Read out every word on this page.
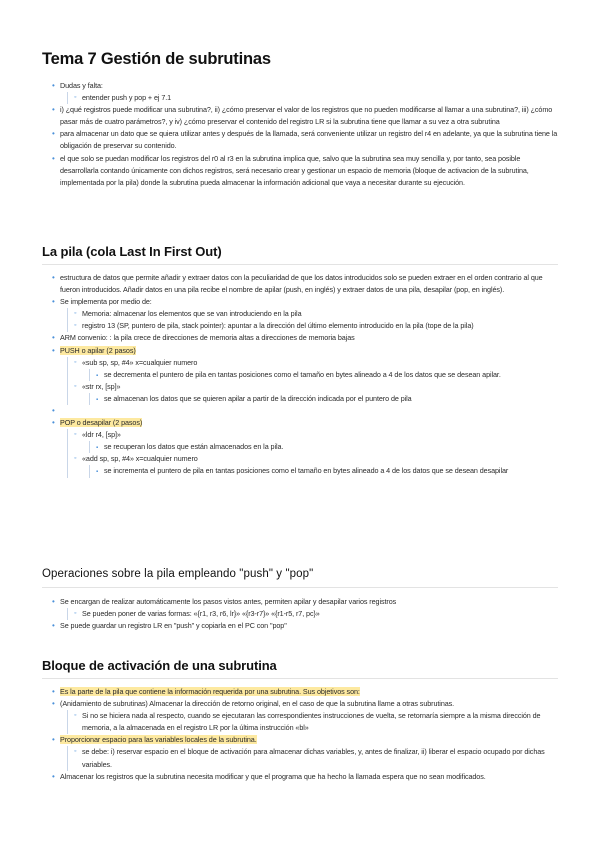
Tema 7 Gestión de subrutinas
• Dudas y falta:
◦ entender push y pop + ej 7.1
• i) ¿qué registros puede modificar una subrutina?, ii) ¿cómo preservar el valor de los registros que no pueden modificarse al llamar a una subrutina?, iii) ¿cómo pasar más de cuatro parámetros?, y iv) ¿cómo preservar el contenido del registro LR si la subrutina tiene que llamar a su vez a otra subrutina
• para almacenar un dato que se quiera utilizar antes y después de la llamada, será conveniente utilizar un registro del r4 en adelante, ya que la subrutina tiene la obligación de preservar su contenido.
• el que solo se puedan modificar los registros del r0 al r3 en la subrutina implica que, salvo que la subrutina sea muy sencilla y, por tanto, sea posible desarrollarla contando únicamente con dichos registros, será necesario crear y gestionar un espacio de memoria (bloque de activacion de la subrutina, implementada por la pila) donde la subrutina pueda almacenar la información adicional que vaya a necesitar durante su ejecución.
La pila (cola Last In First Out)
• estructura de datos que permite añadir y extraer datos con la peculiaridad de que los datos introducidos solo se pueden extraer en el orden contrario al que fueron introducidos. Añadir datos en una pila recibe el nombre de apilar (push, en inglés) y extraer datos de una pila, desapilar (pop, en inglés).
• Se implementa por medio de:
◦ Memoria: almacenar los elementos que se van introduciendo en la pila
◦ registro 13 (SP, puntero de pila, stack pointer): apuntar a la dirección del último elemento introducido en la pila (tope de la pila)
• ARM convenio: : la pila crece de direcciones de memoria altas a direcciones de memoria bajas
• PUSH o apilar (2 pasos)
◦ «sub sp, sp, #4» x=cualquier numero
▪ se decrementa el puntero de pila en tantas posiciones como el tamaño en bytes alineado a 4 de los datos que se desean apilar.
◦ «str rx, [sp]»
▪ se almacenan los datos que se quieren apilar a partir de la dirección indicada por el puntero de pila
•
• POP o desapilar (2 pasos)
◦ «ldr r4, [sp]»
▪ se recuperan los datos que están almacenados en la pila.
◦ «add sp, sp, #4» x=cualquier numero
▪ se incrementa el puntero de pila en tantas posiciones como el tamaño en bytes alineado a 4 de los datos que se desean desapilar
Operaciones sobre la pila empleando "push" y "pop"
• Se encargan de realizar automáticamente los pasos vistos antes, permiten apilar y desapilar varios registros
◦ Se pueden poner de varias formas: «{r1, r3, r6, lr}» «{r3-r7}» «{r1-r5, r7, pc}»
• Se puede guardar un registro LR en "push" y copiarla en el PC con "pop"
Bloque de activación de una subrutina
• Es la parte de la pila que contiene la información requerida por una subrutina. Sus objetivos son:
• (Anidamiento de subrutinas) Almacenar la dirección de retorno original, en el caso de que la subrutina llame a otras subrutinas.
◦ Si no se hiciera nada al respecto, cuando se ejecutaran las correspondientes instrucciones de vuelta, se retornaría siempre a la misma dirección de memoria, a la almacenada en el registro LR por la última instrucción «bl»
• Proporcionar espacio para las variables locales de la subrutina.
◦ se debe: i) reservar espacio en el bloque de activación para almacenar dichas variables, y, antes de finalizar, ii) liberar el espacio ocupado por dichas variables.
• Almacenar los registros que la subrutina necesita modificar y que el programa que ha hecho la llamada espera que no sean modificados.
